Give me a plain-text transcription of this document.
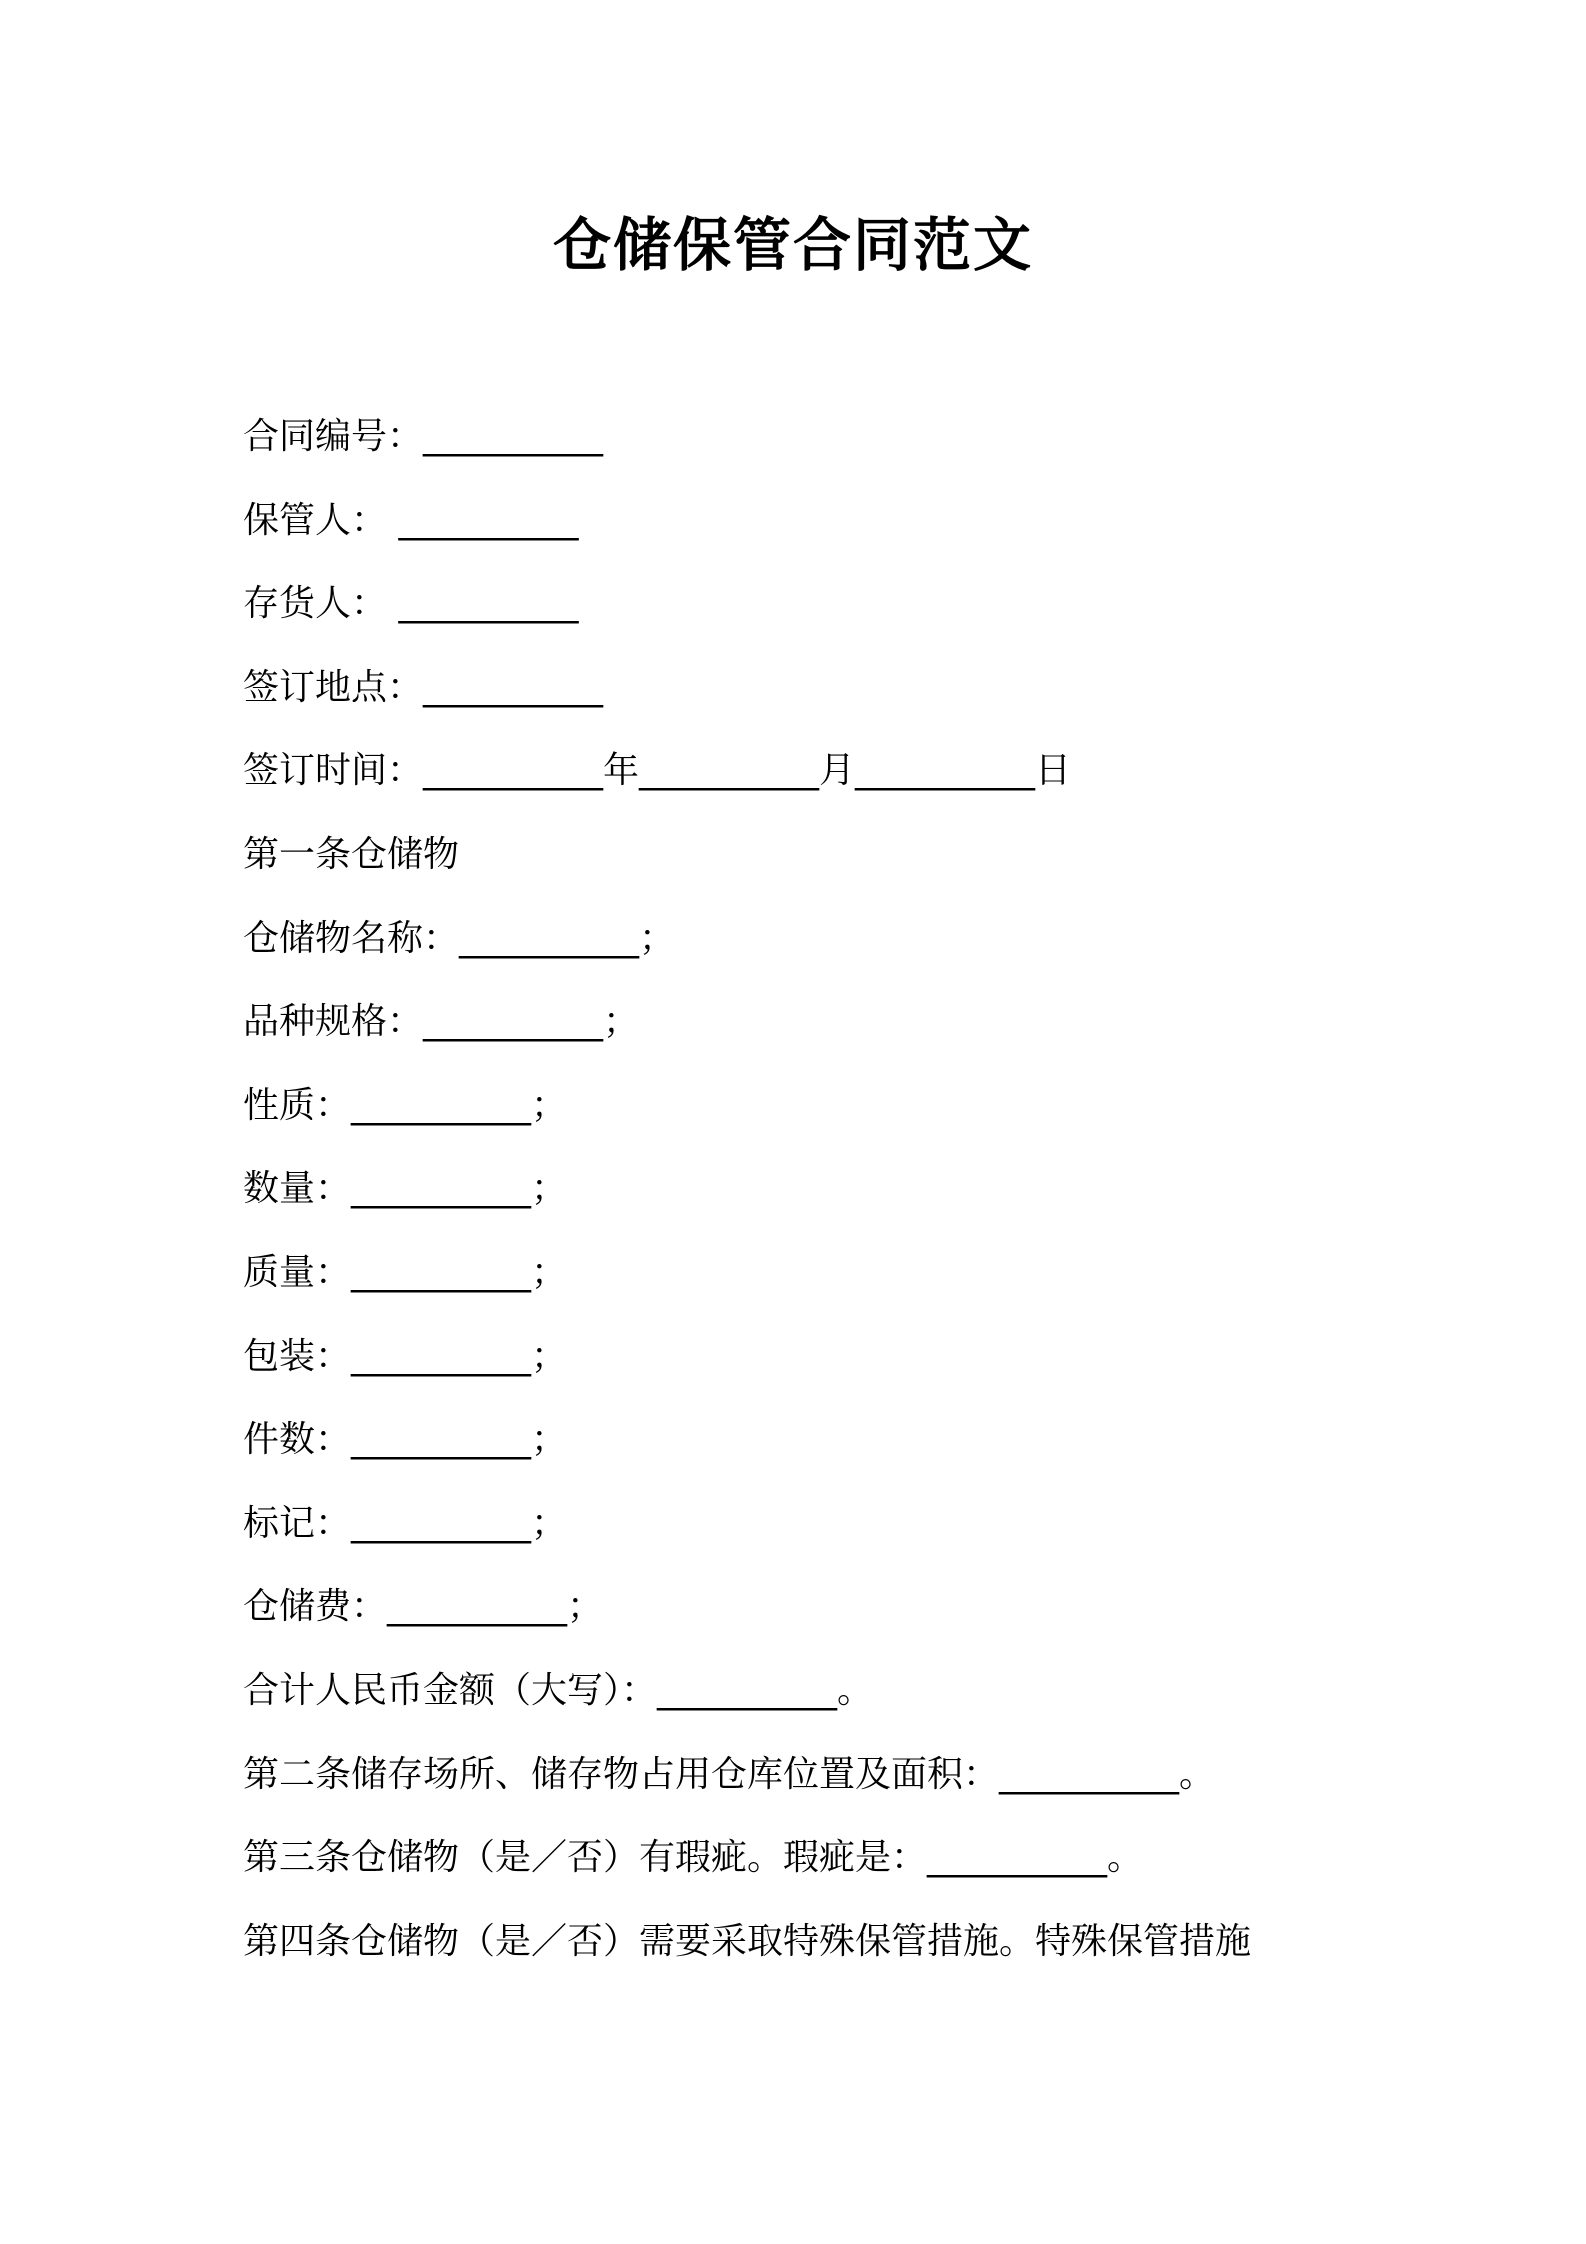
仓储保管合同范文
合同编号：__________
保管人： __________
存货人： __________
签订地点：__________
签订时间：__________年__________月__________日
第一条仓储物
仓储物名称：__________；
品种规格：__________；
性质：__________；
数量：__________；
质量：__________；
包装：__________；
件数：__________；
标记：__________；
仓储费：__________；
合计人民币金额（大写）：__________。
第二条储存场所、储存物占用仓库位置及面积：__________。
第三条仓储物（是／否）有瑕疵。瑕疵是：__________。
第四条仓储物（是／否）需要采取特殊保管措施。特殊保管措施
